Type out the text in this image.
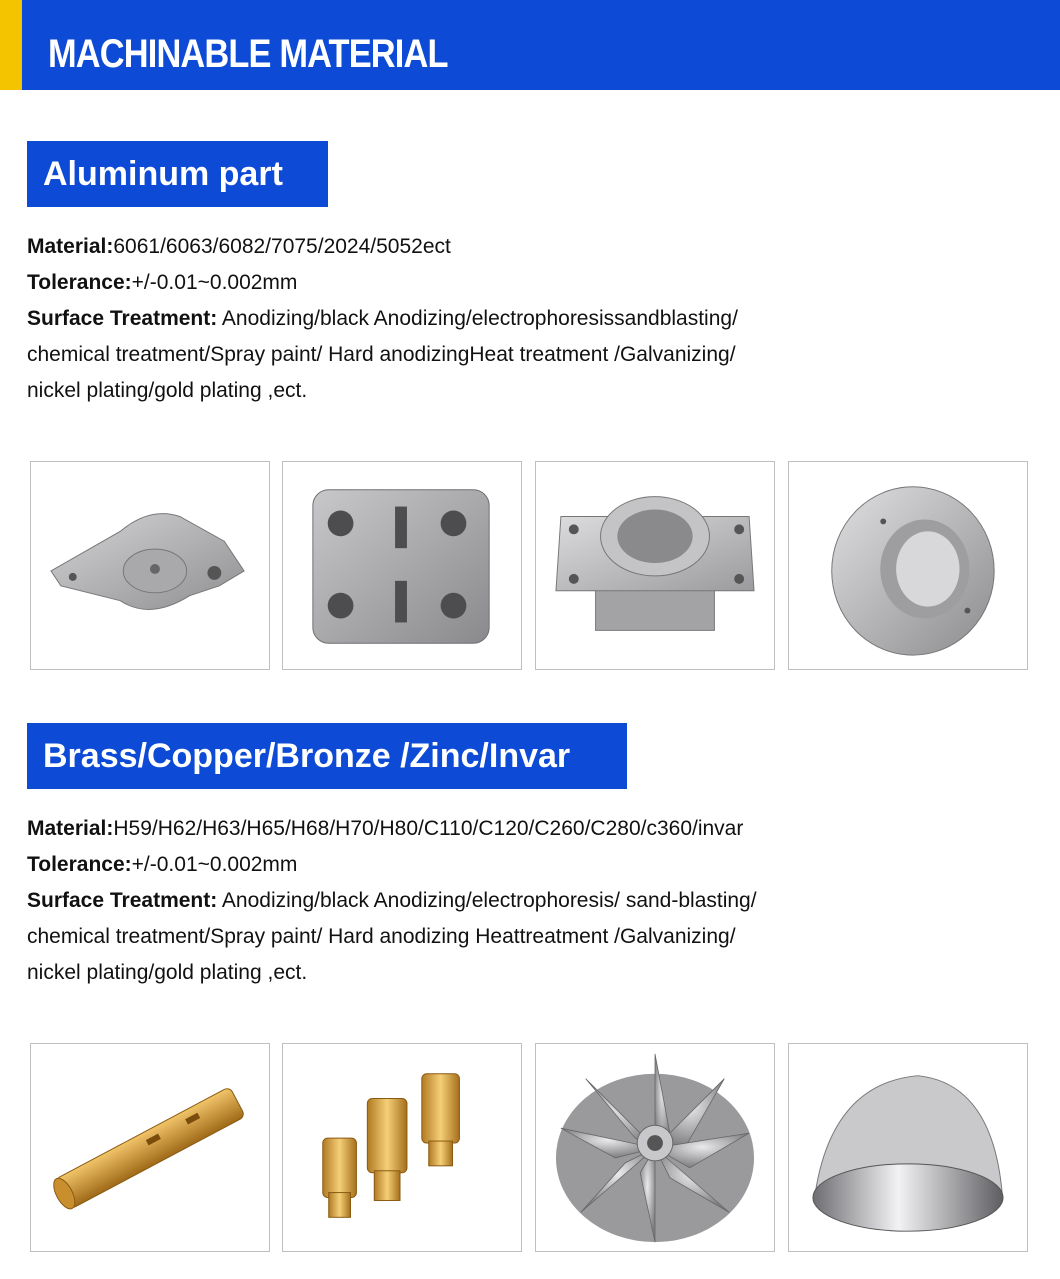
MACHINABLE MATERIAL
Aluminum part
Material:6061/6063/6082/7075/2024/5052ect
Tolerance:+/-0.01~0.002mm
Surface Treatment: Anodizing/black Anodizing/electrophoresissandblasting/
chemical treatment/Spray paint/ Hard anodizingHeat treatment /Galvanizing/
nickel plating/gold plating ,ect.
Brass/Copper/Bronze /Zinc/Invar
Material:H59/H62/H63/H65/H68/H70/H80/C110/C120/C260/C280/c360/invar
Tolerance:+/-0.01~0.002mm
Surface Treatment: Anodizing/black Anodizing/electrophoresis/ sand-blasting/
chemical treatment/Spray paint/ Hard anodizing Heattreatment /Galvanizing/
nickel plating/gold plating ,ect.
